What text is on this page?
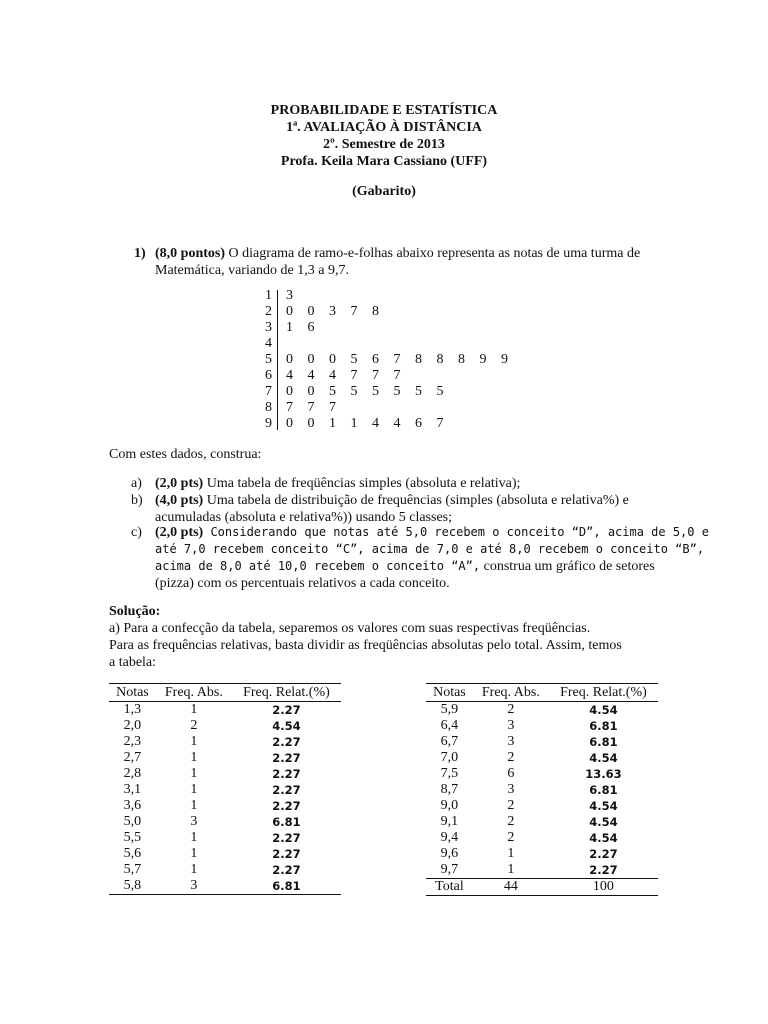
PROBABILIDADE E ESTATÍSTICA
1ª. AVALIAÇÃO À DISTÂNCIA
2º. Semestre de 2013
Profa. Keila Mara Cassiano (UFF)
(Gabarito)
1) (8,0 pontos) O diagrama de ramo-e-folhas abaixo representa as notas de uma turma de
Matemática, variando de 1,3 a 9,7.
1 3
2 0 0 3 7 8
3 1 6
4
5 0 0 0 5 6 7 8 8 8 9 9
6 4 4 4 7 7 7
7 0 0 5 5 5 5 5 5
8 7 7 7
9 0 0 1 1 4 4 6 7
Com estes dados, construa:
a) (2,0 pts) Uma tabela de freqüências simples (absoluta e relativa);
b) (4,0 pts) Uma tabela de distribuição de frequências (simples (absoluta e relativa%) e
acumuladas (absoluta e relativa%)) usando 5 classes;
c) (2,0 pts) Considerando que notas até 5,0 recebem o conceito “D”, acima de 5,0 e
até 7,0 recebem conceito “C”, acima de 7,0 e até 8,0 recebem o conceito “B”,
acima de 8,0 até 10,0 recebem o conceito “A”, construa um gráfico de setores
(pizza) com os percentuais relativos a cada conceito.
Solução:
a) Para a confecção da tabela, separemos os valores com suas respectivas freqüências.
Para as frequências relativas, basta dividir as freqüências absolutas pelo total. Assim, temos
a tabela:
Notas	Freq. Abs.	Freq. Relat.(%)
1,3	1	2.27
2,0	2	4.54
2,3	1	2.27
2,7	1	2.27
2,8	1	2.27
3,1	1	2.27
3,6	1	2.27
5,0	3	6.81
5,5	1	2.27
5,6	1	2.27
5,7	1	2.27
5,8	3	6.81
Notas	Freq. Abs.	Freq. Relat.(%)
5,9	2	4.54
6,4	3	6.81
6,7	3	6.81
7,0	2	4.54
7,5	6	13.63
8,7	3	6.81
9,0	2	4.54
9,1	2	4.54
9,4	2	4.54
9,6	1	2.27
9,7	1	2.27
Total	44	100
